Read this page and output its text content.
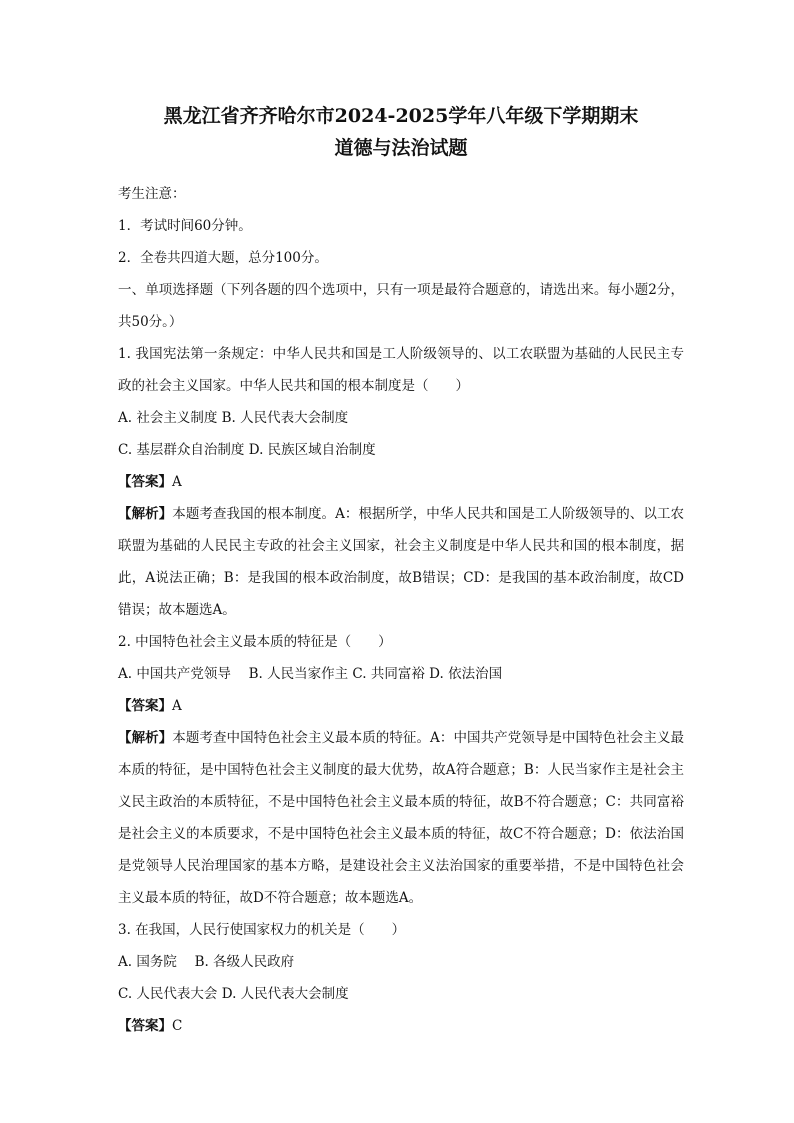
黑龙江省齐齐哈尔市2024-2025学年八年级下学期期末

道德与法治试题

考生注意：

1．考试时间60分钟。

2．全卷共四道大题，总分100分。

一、单项选择题（下列各题的四个选项中，只有一项是最符合题意的，请选出来。每小题2分，共50分。）

1. 我国宪法第一条规定：中华人民共和国是工人阶级领导的、以工农联盟为基础的人民民主专政的社会主义国家。中华人民共和国的根本制度是（　　）

A. 社会主义制度 B. 人民代表大会制度

C. 基层群众自治制度 D. 民族区域自治制度

【答案】A

【解析】本题考查我国的根本制度。A：根据所学，中华人民共和国是工人阶级领导的、以工农联盟为基础的人民民主专政的社会主义国家，社会主义制度是中华人民共和国的根本制度，据此，A说法正确；B：是我国的根本政治制度，故B错误；CD：是我国的基本政治制度，故CD错误；故本题选A。

2. 中国特色社会主义最本质的特征是（　　）

A. 中国共产党领导　 B. 人民当家作主 C. 共同富裕 D. 依法治国

【答案】A

【解析】本题考查中国特色社会主义最本质的特征。A：中国共产党领导是中国特色社会主义最本质的特征，是中国特色社会主义制度的最大优势，故A符合题意；B：人民当家作主是社会主义民主政治的本质特征，不是中国特色社会主义最本质的特征，故B不符合题意；C：共同富裕是社会主义的本质要求，不是中国特色社会主义最本质的特征，故C不符合题意；D：依法治国是党领导人民治理国家的基本方略，是建设社会主义法治国家的重要举措，不是中国特色社会主义最本质的特征，故D不符合题意；故本题选A。

3. 在我国，人民行使国家权力的机关是（　　）

A. 国务院　 B. 各级人民政府

C. 人民代表大会 D. 人民代表大会制度

【答案】C
